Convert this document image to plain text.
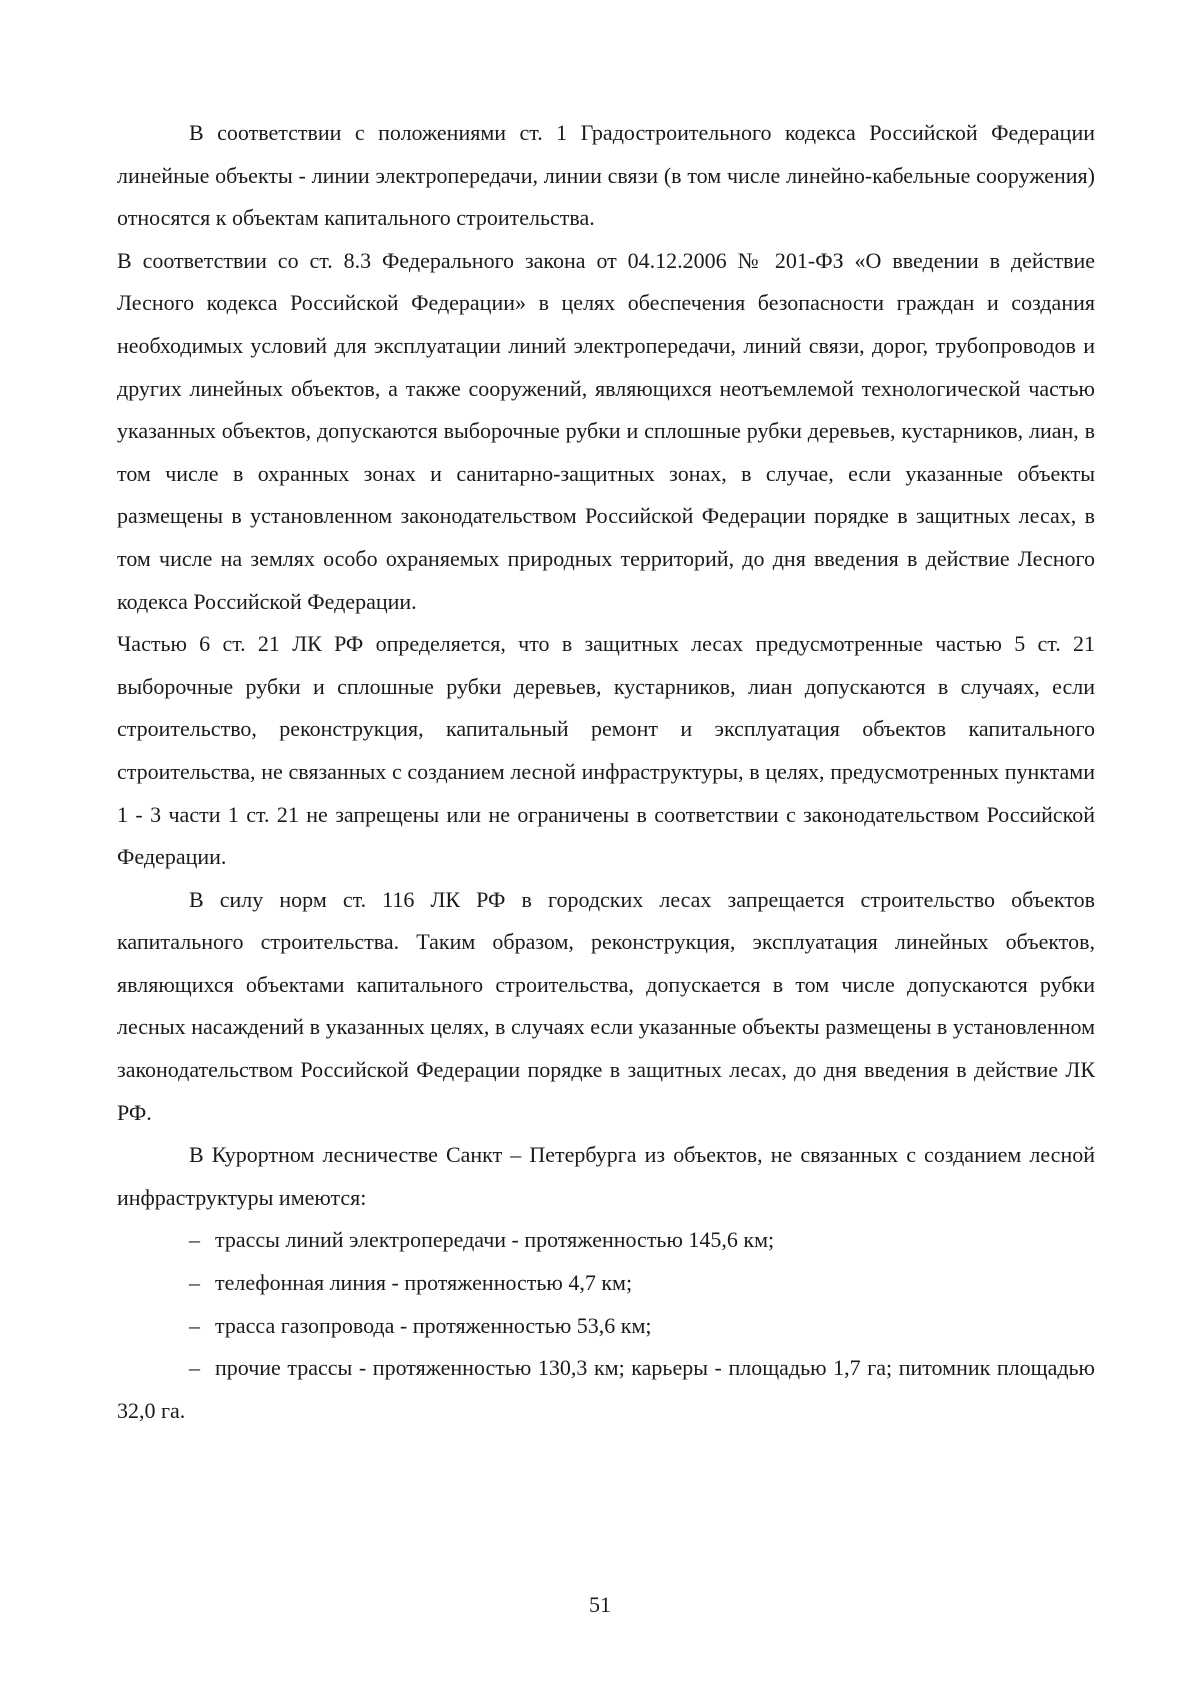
В соответствии с положениями ст. 1 Градостроительного кодекса Российской Федерации линейные объекты - линии электропередачи, линии связи (в том числе линейно-кабельные сооружения) относятся к объектам капитального строительства.

В соответствии со ст. 8.3 Федерального закона от 04.12.2006 № 201-ФЗ «О введении в действие Лесного кодекса Российской Федерации» в целях обеспечения безопасности граждан и создания необходимых условий для эксплуатации линий электропередачи, линий связи, дорог, трубопроводов и других линейных объектов, а также сооружений, являющихся неотъемлемой технологической частью указанных объектов, допускаются выборочные рубки и сплошные рубки деревьев, кустарников, лиан, в том числе в охранных зонах и санитарно-защитных зонах, в случае, если указанные объекты размещены в установленном законодательством Российской Федерации порядке в защитных лесах, в том числе на землях особо охраняемых природных территорий, до дня введения в действие Лесного кодекса Российской Федерации.

Частью 6 ст. 21 ЛК РФ определяется, что в защитных лесах предусмотренные частью 5 ст. 21 выборочные рубки и сплошные рубки деревьев, кустарников, лиан допускаются в случаях, если строительство, реконструкция, капитальный ремонт и эксплуатация объектов капитального строительства, не связанных с созданием лесной инфраструктуры, в целях, предусмотренных пунктами 1 - 3 части 1 ст. 21 не запрещены или не ограничены в соответствии с законодательством Российской Федерации.

В силу норм ст. 116 ЛК РФ в городских лесах запрещается строительство объектов капитального строительства. Таким образом, реконструкция, эксплуатация линейных объектов, являющихся объектами капитального строительства, допускается в том числе допускаются рубки лесных насаждений в указанных целях, в случаях если указанные объекты размещены в установленном законодательством Российской Федерации порядке в защитных лесах, до дня введения в действие ЛК РФ.

В Курортном лесничестве Санкт – Петербурга из объектов, не связанных с созданием лесной инфраструктуры имеются:

– трассы линий электропередачи - протяженностью 145,6 км;
– телефонная линия - протяженностью 4,7 км;
– трасса газопровода - протяженностью 53,6 км;
– прочие трассы - протяженностью 130,3 км; карьеры - площадью 1,7 га; питомник площадью 32,0 га.
51
